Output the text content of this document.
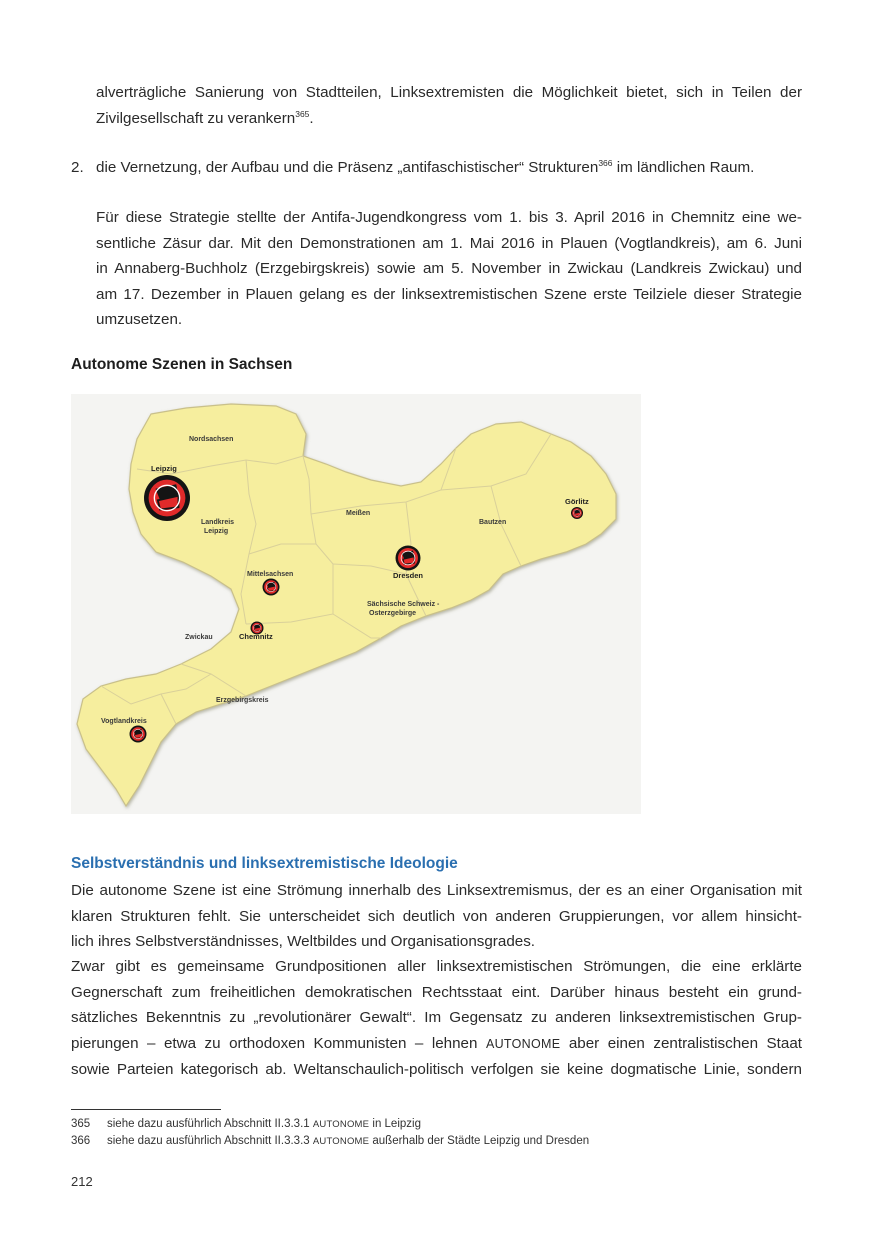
alverträgliche Sanierung von Stadtteilen, Linksextremisten die Möglichkeit bietet, sich in Teilen der
Zivilgesellschaft zu verankern$^{365}$.
2. die Vernetzung, der Aufbau und die Präsenz „antifaschistischer“ Strukturen$^{366}$ im ländlichen Raum.
Für diese Strategie stellte der Antifa-Jugendkongress vom 1. bis 3. April 2016 in Chemnitz eine we-
sentliche Zäsur dar. Mit den Demonstrationen am 1. Mai 2016 in Plauen (Vogtlandkreis), am 6. Juni
in Annaberg-Buchholz (Erzgebirgskreis) sowie am 5. November in Zwickau (Landkreis Zwickau) und
am 17. Dezember in Plauen gelang es der linksextremistischen Szene erste Teilziele dieser Strategie
umzusetzen.
Autonome Szenen in Sachsen
Nordsachsen
Landkreis
Leipzig
Meißen
Bautzen
Mittelsachsen
Sächsische Schweiz -
Osterzgebirge
Zwickau
Erzgebirgskreis
Vogtlandkreis
Leipzig
Dresden
Chemnitz
Görlitz
Selbstverständnis und linksextremistische Ideologie
Die autonome Szene ist eine Strömung innerhalb des Linksextremismus, der es an einer Organisation mit
klaren Strukturen fehlt. Sie unterscheidet sich deutlich von anderen Gruppierungen, vor allem hinsicht-
lich ihres Selbstverständnisses, Weltbildes und Organisationsgrades.
Zwar gibt es gemeinsame Grundpositionen aller linksextremistischen Strömungen, die eine erklärte
Gegnerschaft zum freiheitlichen demokratischen Rechtsstaat eint. Darüber hinaus besteht ein grund-
sätzliches Bekenntnis zu „revolutionärer Gewalt“. Im Gegensatz zu anderen linksextremistischen Grup-
pierungen – etwa zu orthodoxen Kommunisten – lehnen AUTONOME aber einen zentralistischen Staat
sowie Parteien kategorisch ab. Weltanschaulich-politisch verfolgen sie keine dogmatische Linie, sondern
365 siehe dazu ausführlich Abschnitt II.3.3.1 AUTONOME in Leipzig
366 siehe dazu ausführlich Abschnitt II.3.3.3 AUTONOME außerhalb der Städte Leipzig und Dresden
212
